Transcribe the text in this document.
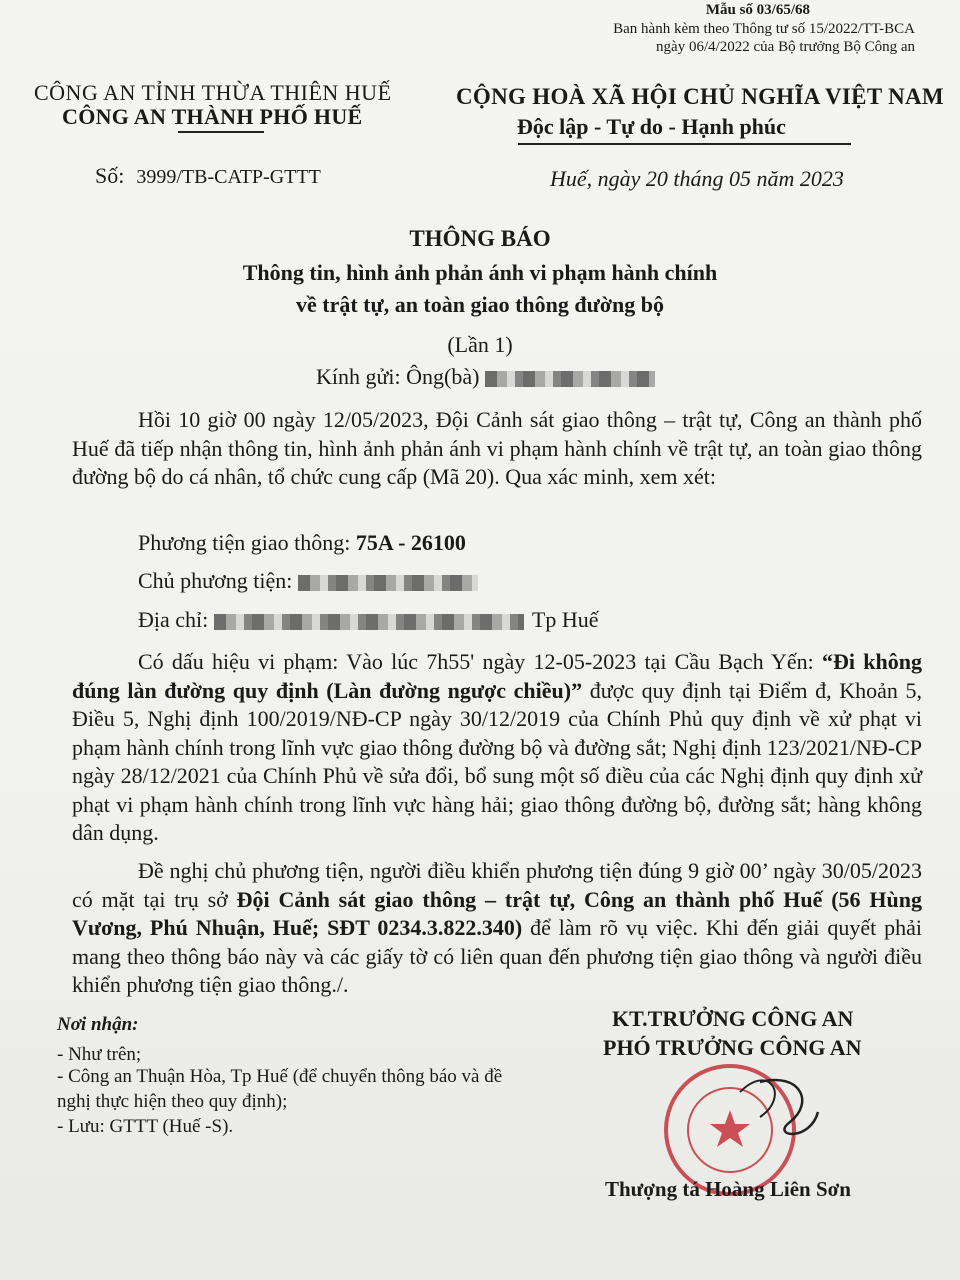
Mẫu số 03/65/68
Ban hành kèm theo Thông tư số 15/2022/TT-BCA
ngày 06/4/2022 của Bộ trưởng Bộ Công an
CÔNG AN TỈNH THỪA THIÊN HUẾ
CÔNG AN THÀNH PHỐ HUẾ
CỘNG HOÀ XÃ HỘI CHỦ NGHĨA VIỆT NAM
Độc lập - Tự do - Hạnh phúc
Số: 3999/TB-CATP-GTTT	Huế, ngày 20 tháng 05 năm 2023
THÔNG BÁO
Thông tin, hình ảnh phản ánh vi phạm hành chính
về trật tự, an toàn giao thông đường bộ
(Lần 1)
Kính gửi: Ông(bà)
Hồi 10 giờ 00 ngày 12/05/2023, Đội Cảnh sát giao thông – trật tự, Công an thành phố Huế đã tiếp nhận thông tin, hình ảnh phản ánh vi phạm hành chính về trật tự, an toàn giao thông đường bộ do cá nhân, tổ chức cung cấp (Mã 20). Qua xác minh, xem xét:
Phương tiện giao thông: 75A - 26100
Chủ phương tiện:
Địa chỉ:	Tp Huế
Có dấu hiệu vi phạm: Vào lúc 7h55' ngày 12-05-2023 tại Cầu Bạch Yến: “Đi không đúng làn đường quy định (Làn đường ngược chiều)” được quy định tại Điểm đ, Khoản 5, Điều 5, Nghị định 100/2019/NĐ-CP ngày 30/12/2019 của Chính Phủ quy định về xử phạt vi phạm hành chính trong lĩnh vực giao thông đường bộ và đường sắt; Nghị định 123/2021/NĐ-CP ngày 28/12/2021 của Chính Phủ về sửa đổi, bổ sung một số điều của các Nghị định quy định xử phạt vi phạm hành chính trong lĩnh vực hàng hải; giao thông đường bộ, đường sắt; hàng không dân dụng.
Đề nghị chủ phương tiện, người điều khiển phương tiện đúng 9 giờ 00’ ngày 30/05/2023 có mặt tại trụ sở Đội Cảnh sát giao thông – trật tự, Công an thành phố Huế (56 Hùng Vương, Phú Nhuận, Huế; SĐT 0234.3.822.340) để làm rõ vụ việc. Khi đến giải quyết phải mang theo thông báo này và các giấy tờ có liên quan đến phương tiện giao thông và người điều khiển phương tiện giao thông./.
Nơi nhận:
- Như trên;
- Công an Thuận Hòa, Tp Huế (để chuyển thông báo và đề nghị thực hiện theo quy định);
- Lưu: GTTT (Huế -S).
KT.TRƯỞNG CÔNG AN
PHÓ TRƯỞNG CÔNG AN
Thượng tá Hoàng Liên Sơn
